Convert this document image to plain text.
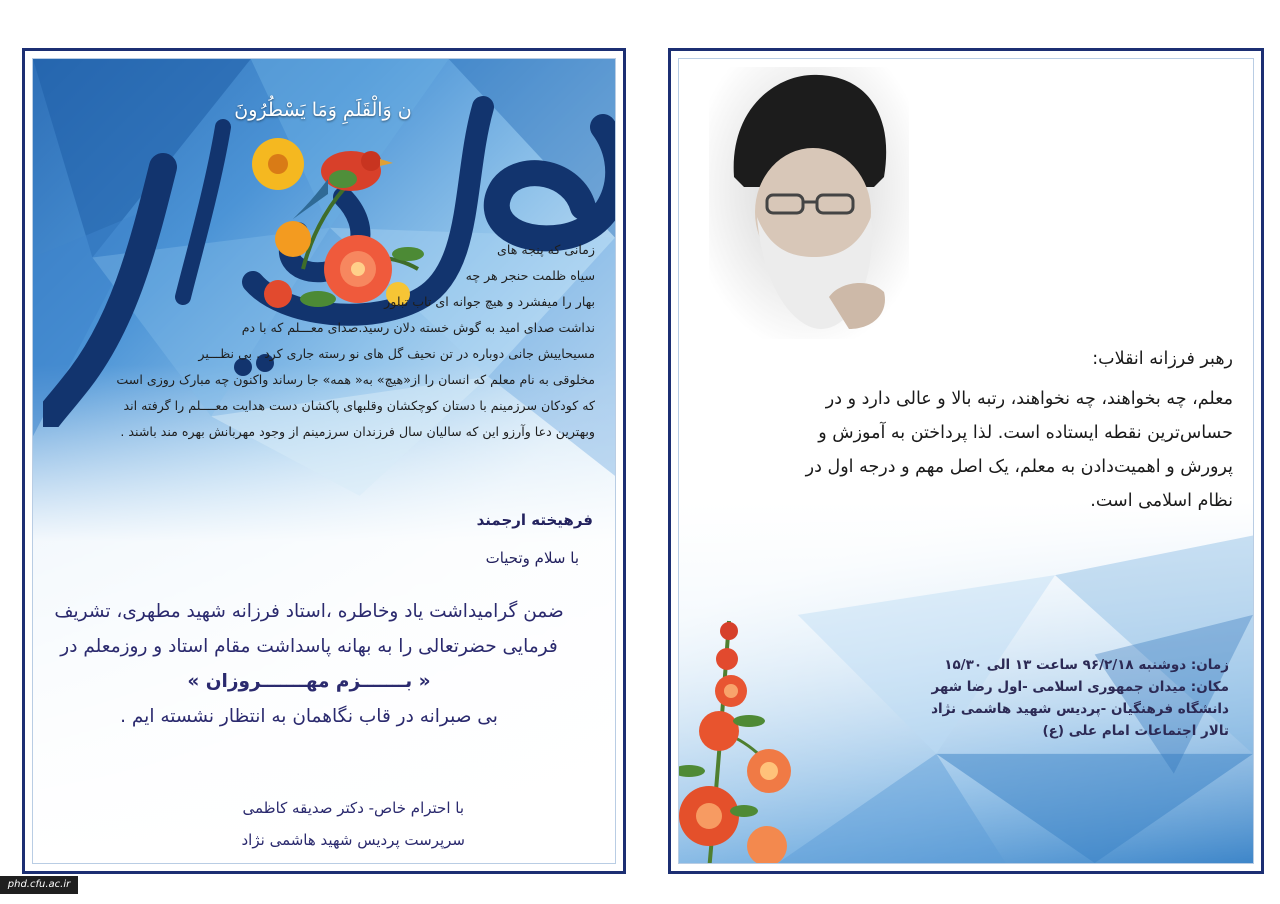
ن وَالْقَلَمِ وَمَا یَسْطُرُونَ
زمانی که پنجه های
سیاه ظلمت حنجر هر چه
بهار را میفشرد و هیچ جوانه ای تاب تبلور
نداشت صدای امید به گوش خسته دلان رسید.صدای معـــلم که با دم
مسیحاییش جانی دوباره در تن نحیف گل های نو رسته جاری کرد . بی نظـــیر
مخلوقی به نام معلم که انسان را از«هیچ» به« همه» جا رساند واکنون چه مبارک روزی است
که کودکان سرزمینم با دستان کوچکشان وقلبهای پاکشان دست هدایت معــــلم را گرفته اند
وبهترین دعا وآرزو این که سالیان سال فرزندان سرزمینم از وجود مهربانش بهره مند باشند .
فرهیخته ارجمند
با سلام وتحیات
ضمن گرامیداشت یاد وخاطره ،استاد فرزانه شهید مطهری، تشریف
فرمایی حضرتعالی را به بهانه پاسداشت مقام استاد و روزمعلم در
« بـــــــزم مهـــــــروزان »
بی صبرانه در قاب نگاهمان به انتظار نشسته ایم .
با احترام خاص- دکتر صدیقه کاظمی
سرپرست پردیس شهید هاشمی نژاد
رهبر فرزانه انقلاب:
معلم، چه بخواهند، چه نخواهند، رتبه بالا و عالی دارد و در
حساس‌ترین نقطه ایستاده است. لذا پرداختن به آموزش و
پرورش و اهمیت‌دادن به معلم، یک اصل مهم و درجه اول در
نظام اسلامی است.
زمان: دوشنبه ۹۶/۲/۱۸ ساعت ۱۳ الی ۱۵/۳۰
مکان: میدان جمهوری اسلامی -اول رضا شهر
دانشگاه فرهنگیان -پردیس شهید هاشمی نژاد
تالار اجتماعات امام علی (ع)
phd.cfu.ac.ir
